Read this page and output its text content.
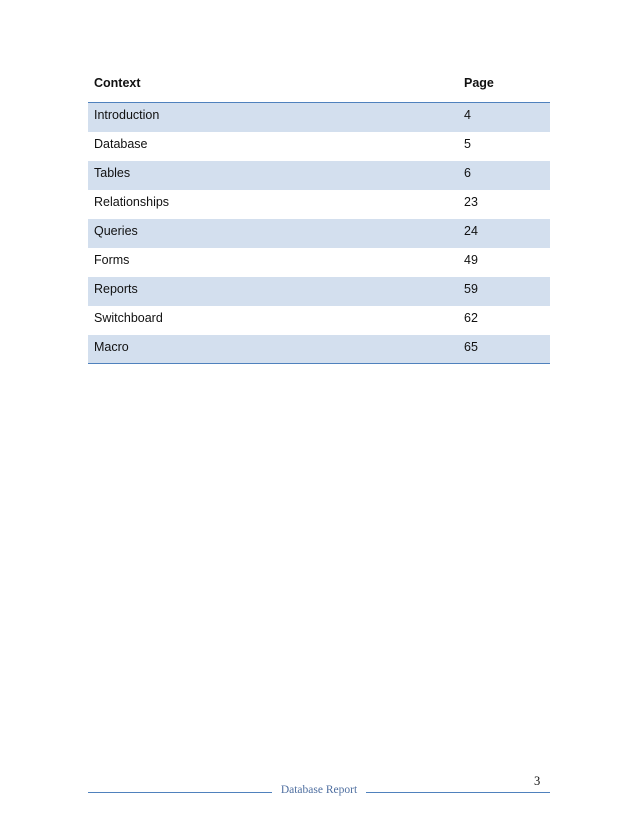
Context	Page
Introduction	4
Database	5
Tables	6
Relationships	23
Queries	24
Forms	49
Reports	59
Switchboard	62
Macro	65
3
Database Report
